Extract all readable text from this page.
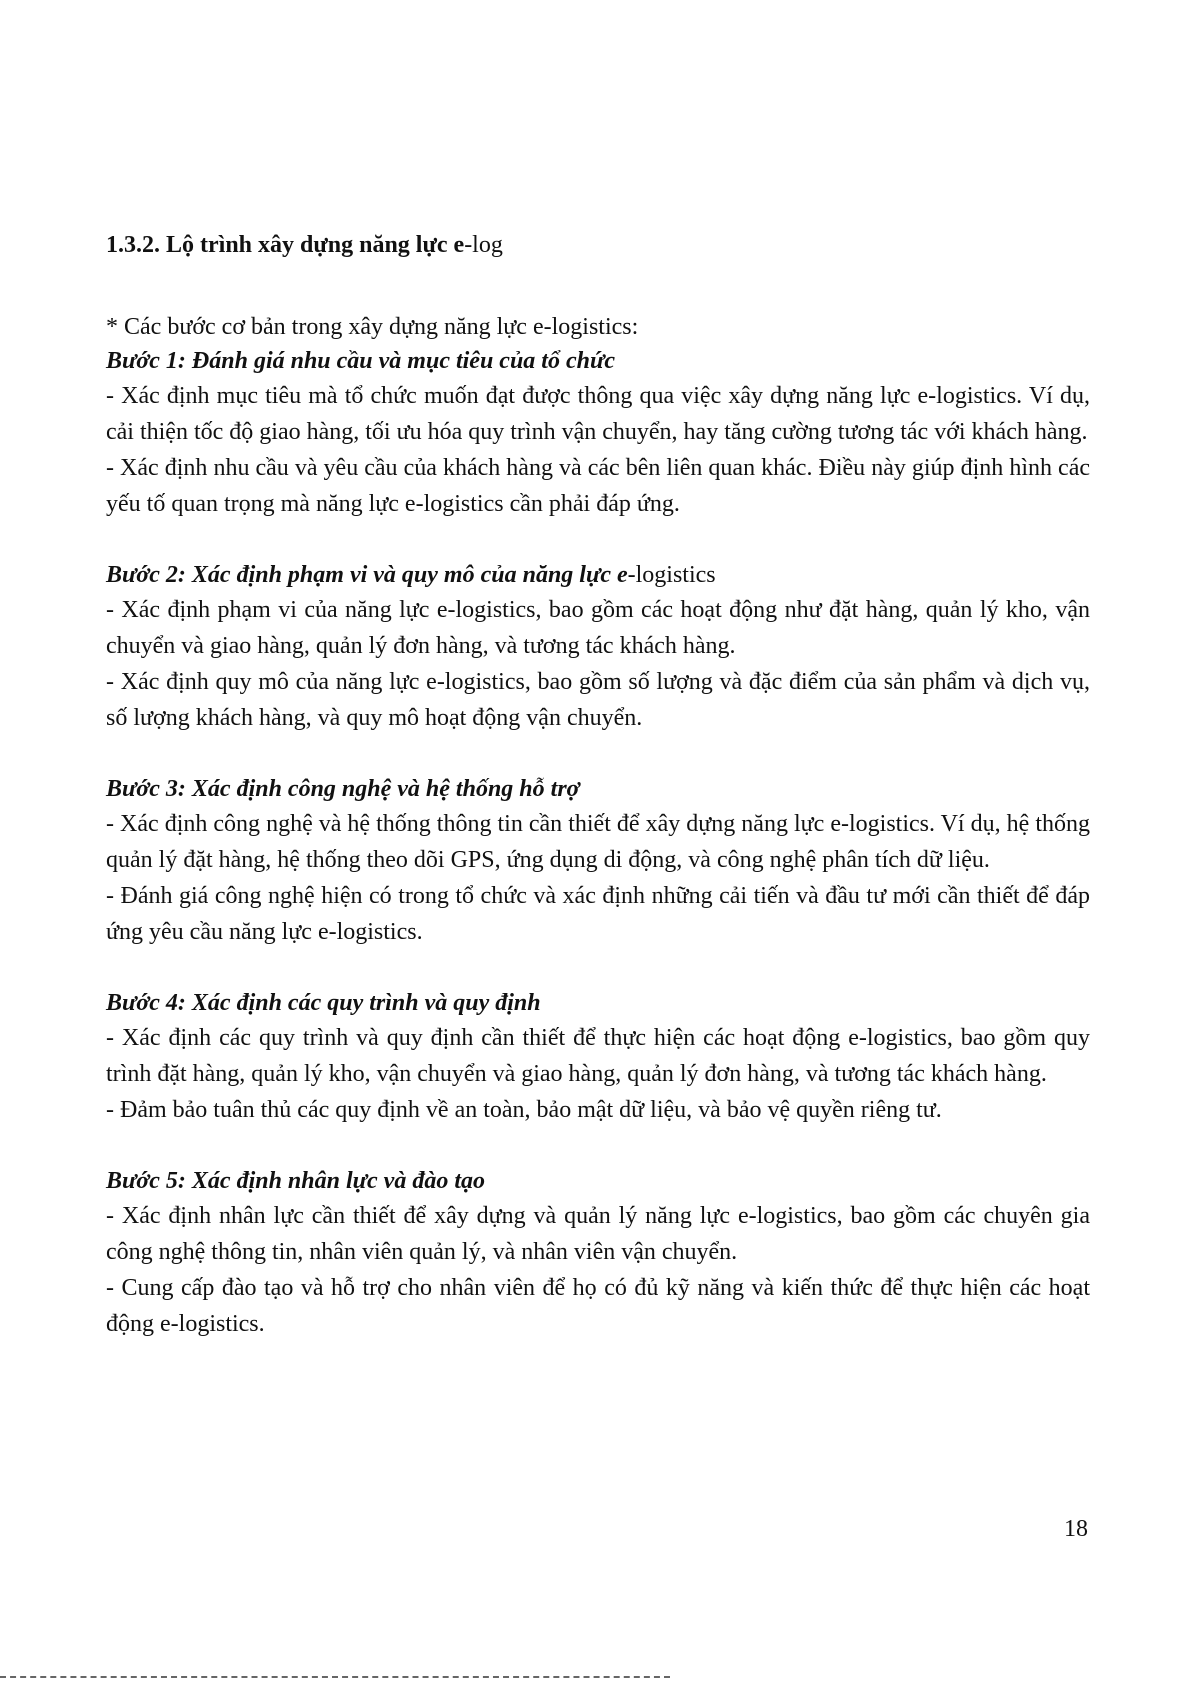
1.3.2. Lộ trình xây dựng năng lực e-log

* Các bước cơ bản trong xây dựng năng lực e-logistics:

Bước 1: Đánh giá nhu cầu và mục tiêu của tổ chức

- Xác định mục tiêu mà tổ chức muốn đạt được thông qua việc xây dựng năng lực e-logistics. Ví dụ, cải thiện tốc độ giao hàng, tối ưu hóa quy trình vận chuyển, hay tăng cường tương tác với khách hàng.

- Xác định nhu cầu và yêu cầu của khách hàng và các bên liên quan khác. Điều này giúp định hình các yếu tố quan trọng mà năng lực e-logistics cần phải đáp ứng.

Bước 2: Xác định phạm vi và quy mô của năng lực e-logistics

- Xác định phạm vi của năng lực e-logistics, bao gồm các hoạt động như đặt hàng, quản lý kho, vận chuyển và giao hàng, quản lý đơn hàng, và tương tác khách hàng.

- Xác định quy mô của năng lực e-logistics, bao gồm số lượng và đặc điểm của sản phẩm và dịch vụ, số lượng khách hàng, và quy mô hoạt động vận chuyển.

Bước 3: Xác định công nghệ và hệ thống hỗ trợ

- Xác định công nghệ và hệ thống thông tin cần thiết để xây dựng năng lực e-logistics. Ví dụ, hệ thống quản lý đặt hàng, hệ thống theo dõi GPS, ứng dụng di động, và công nghệ phân tích dữ liệu.

- Đánh giá công nghệ hiện có trong tổ chức và xác định những cải tiến và đầu tư mới cần thiết để đáp ứng yêu cầu năng lực e-logistics.

Bước 4: Xác định các quy trình và quy định

- Xác định các quy trình và quy định cần thiết để thực hiện các hoạt động e-logistics, bao gồm quy trình đặt hàng, quản lý kho, vận chuyển và giao hàng, quản lý đơn hàng, và tương tác khách hàng.

- Đảm bảo tuân thủ các quy định về an toàn, bảo mật dữ liệu, và bảo vệ quyền riêng tư.

Bước 5: Xác định nhân lực và đào tạo

- Xác định nhân lực cần thiết để xây dựng và quản lý năng lực e-logistics, bao gồm các chuyên gia công nghệ thông tin, nhân viên quản lý, và nhân viên vận chuyển.

- Cung cấp đào tạo và hỗ trợ cho nhân viên để họ có đủ kỹ năng và kiến thức để thực hiện các hoạt động e-logistics.

18
